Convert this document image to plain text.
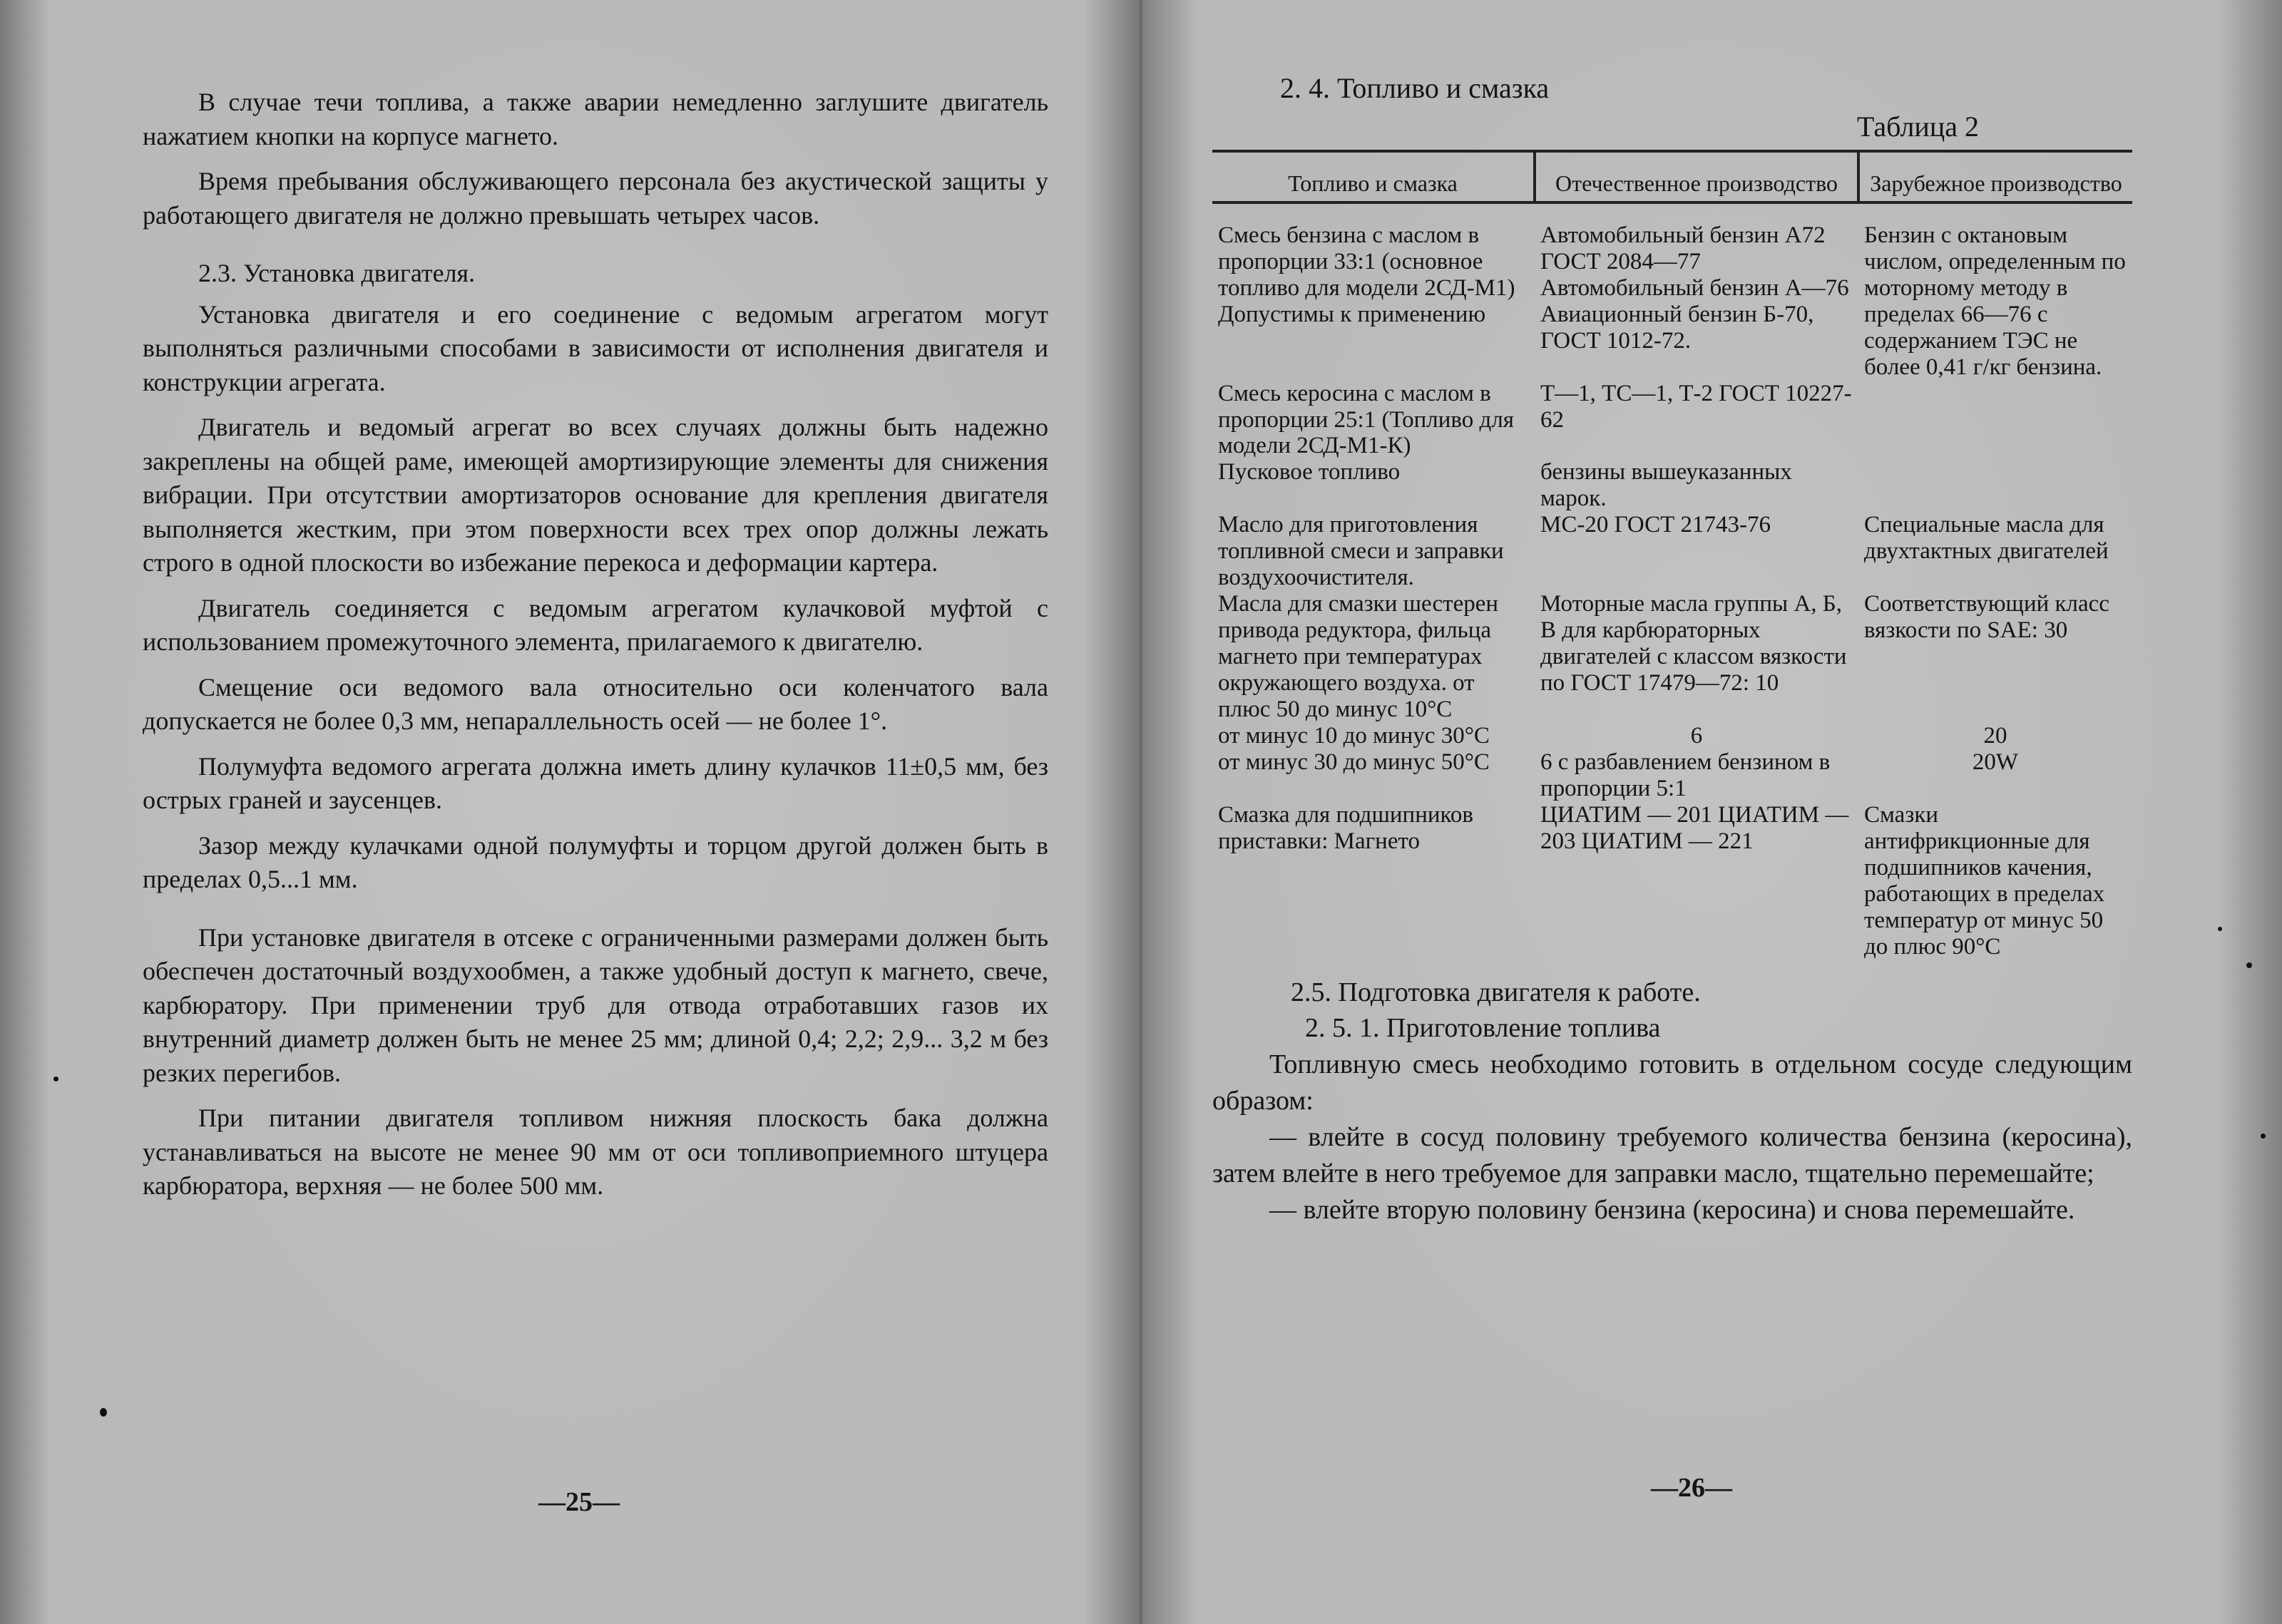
В случае течи топлива, а также аварии немедленно заглушите двигатель нажатием кнопки на корпусе магнето.

Время пребывания обслуживающего персонала без акустической защиты у работающего двигателя не должно превышать четырех часов.

2.3. Установка двигателя.

Установка двигателя и его соединение с ведомым агрегатом могут выполняться различными способами в зависимости от исполнения двигателя и конструкции агрегата.

Двигатель и ведомый агрегат во всех случаях должны быть надежно закреплены на общей раме, имеющей амортизирующие элементы для снижения вибрации. При отсутствии амортизаторов основание для крепления двигателя выполняется жестким, при этом поверхности всех трех опор должны лежать строго в одной плоскости во избежание перекоса и деформации картера.

Двигатель соединяется с ведомым агрегатом кулачковой муфтой с использованием промежуточного элемента, прилагаемого к двигателю.

Смещение оси ведомого вала относительно оси коленчатого вала допускается не более 0,3 мм, непараллельность осей — не более 1°.

Полумуфта ведомого агрегата должна иметь длину кулачков 11±0,5 мм, без острых граней и заусенцев.

Зазор между кулачками одной полумуфты и торцом другой должен быть в пределах 0,5...1 мм.

При установке двигателя в отсеке с ограниченными размерами должен быть обеспечен достаточный воздухообмен, а также удобный доступ к магнето, свече, карбюратору. При применении труб для отвода отработавших газов их внутренний диаметр должен быть не менее 25 мм; длиной 0,4; 2,2; 2,9... 3,2 м без резких перегибов.

При питании двигателя топливом нижняя плоскость бака должна устанавливаться на высоте не менее 90 мм от оси топливоприемного штуцера карбюратора, верхняя — не более 500 мм.

—25—
2. 4. Топливо и смазка
Таблица 2
Топливо и смазка	Отечественное производство	Зарубежное производство
Смесь бензина с маслом в пропорции 33:1 (основное топливо для модели 2СД-М1) Допустимы к применению	Автомобильный бензин А72 ГОСТ 2084—77 Автомобильный бензин А—76 Авиационный бензин Б-70, ГОСТ 1012-72.	Бензин с октановым числом, определенным по моторному методу в пределах 66—76 с содержанием ТЭС не более 0,41 г/кг бензина.
Смесь керосина с маслом в пропорции 25:1 (Топливо для модели 2СД-М1-К)	Т—1, ТС—1, Т-2 ГОСТ 10227-62	
Пусковое топливо	бензины вышеуказанных марок.	
Масло для приготовления топливной смеси и заправки воздухоочистителя.	МС-20 ГОСТ 21743-76	Специальные масла для двухтактных двигателей
Масла для смазки шестерен привода редуктора, фильца магнето при температурах окружающего воздуха. от плюс 50 до минус 10°С	Моторные масла группы А, Б, В для карбюраторных двигателей с классом вязкости по ГОСТ 17479—72: 10	Соответствующий класс вязкости по SAE: 30
от минус 10 до минус 30°С	6	20
от минус 30 до минус 50°С	6 с разбавлением бензином в пропорции 5:1	20W
Смазка для подшипников приставки: Магнето	ЦИАТИМ — 201 ЦИАТИМ — 203 ЦИАТИМ — 221	Смазки антифрикционные для подшипников качения, работающих в пределах температур от минус 50 до плюс 90°С

2.5. Подготовка двигателя к работе.

2. 5. 1. Приготовление топлива

Топливную смесь необходимо готовить в отдельном сосуде следующим образом:

— влейте в сосуд половину требуемого количества бензина (керосина), затем влейте в него требуемое для заправки масло, тщательно перемешайте;

— влейте вторую половину бензина (керосина) и снова перемешайте.

—26—
